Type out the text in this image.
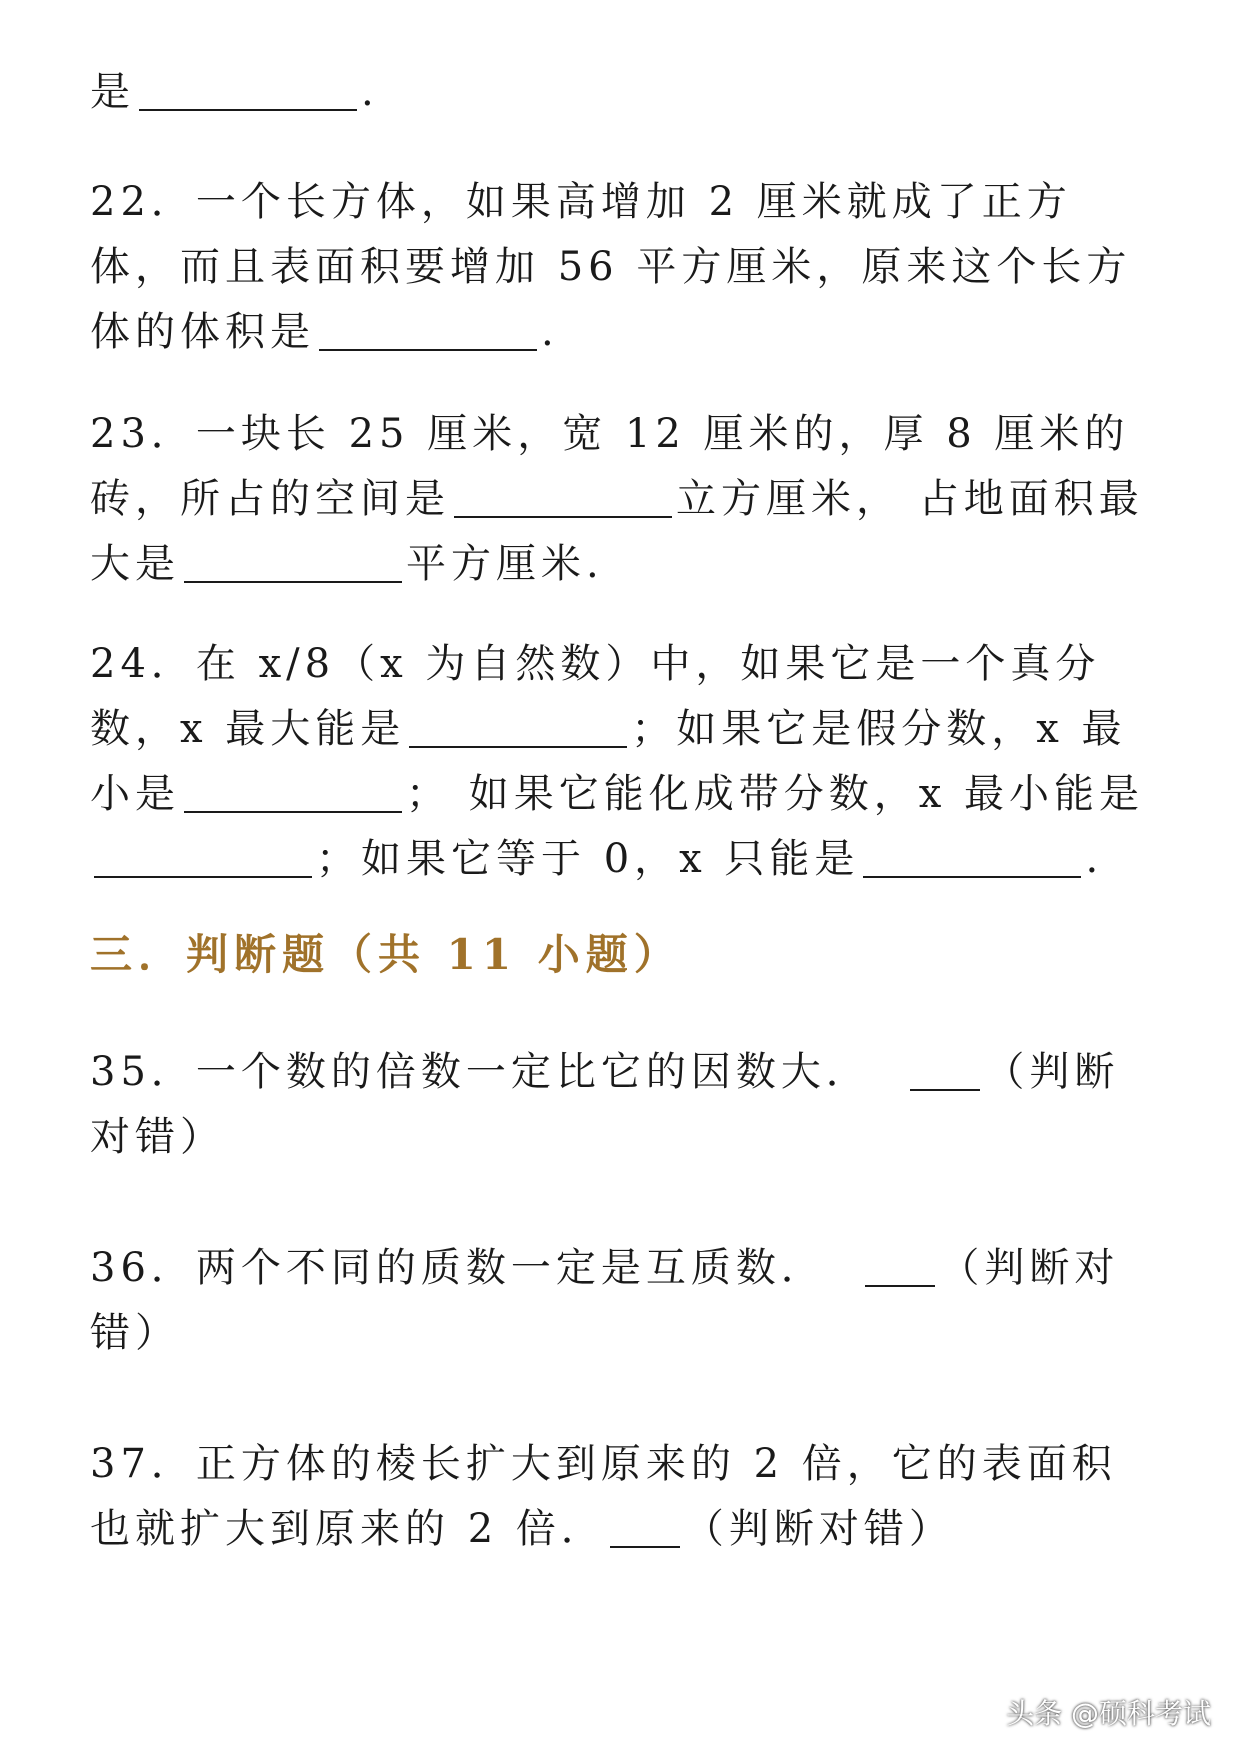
是	.

22．一个长方体，如果高增加 2 厘米就成了正方体，而且表面积要增加 56 平方厘米，原来这个长方体的体积是	.

23．一块长 25 厘米，宽 12 厘米的，厚 8 厘米的砖，所占的空间是	立方厘米， 占地面积最大是	平方厘米.

24．在 x/8（x 为自然数）中，如果它是一个真分数，x 最大能是	；如果它是假分数，x 最小是	； 如果它能化成带分数，x 最小能是；如果它等于 0，x 只能是	.

三．判断题（共 11 小题）

35．一个数的倍数一定比它的因数大．	（判断对错）

36．两个不同的质数一定是互质数．	（判断对错）

37．正方体的棱长扩大到原来的 2 倍，它的表面积也就扩大到原来的 2 倍． （判断对错）

头条 @硕科考试
